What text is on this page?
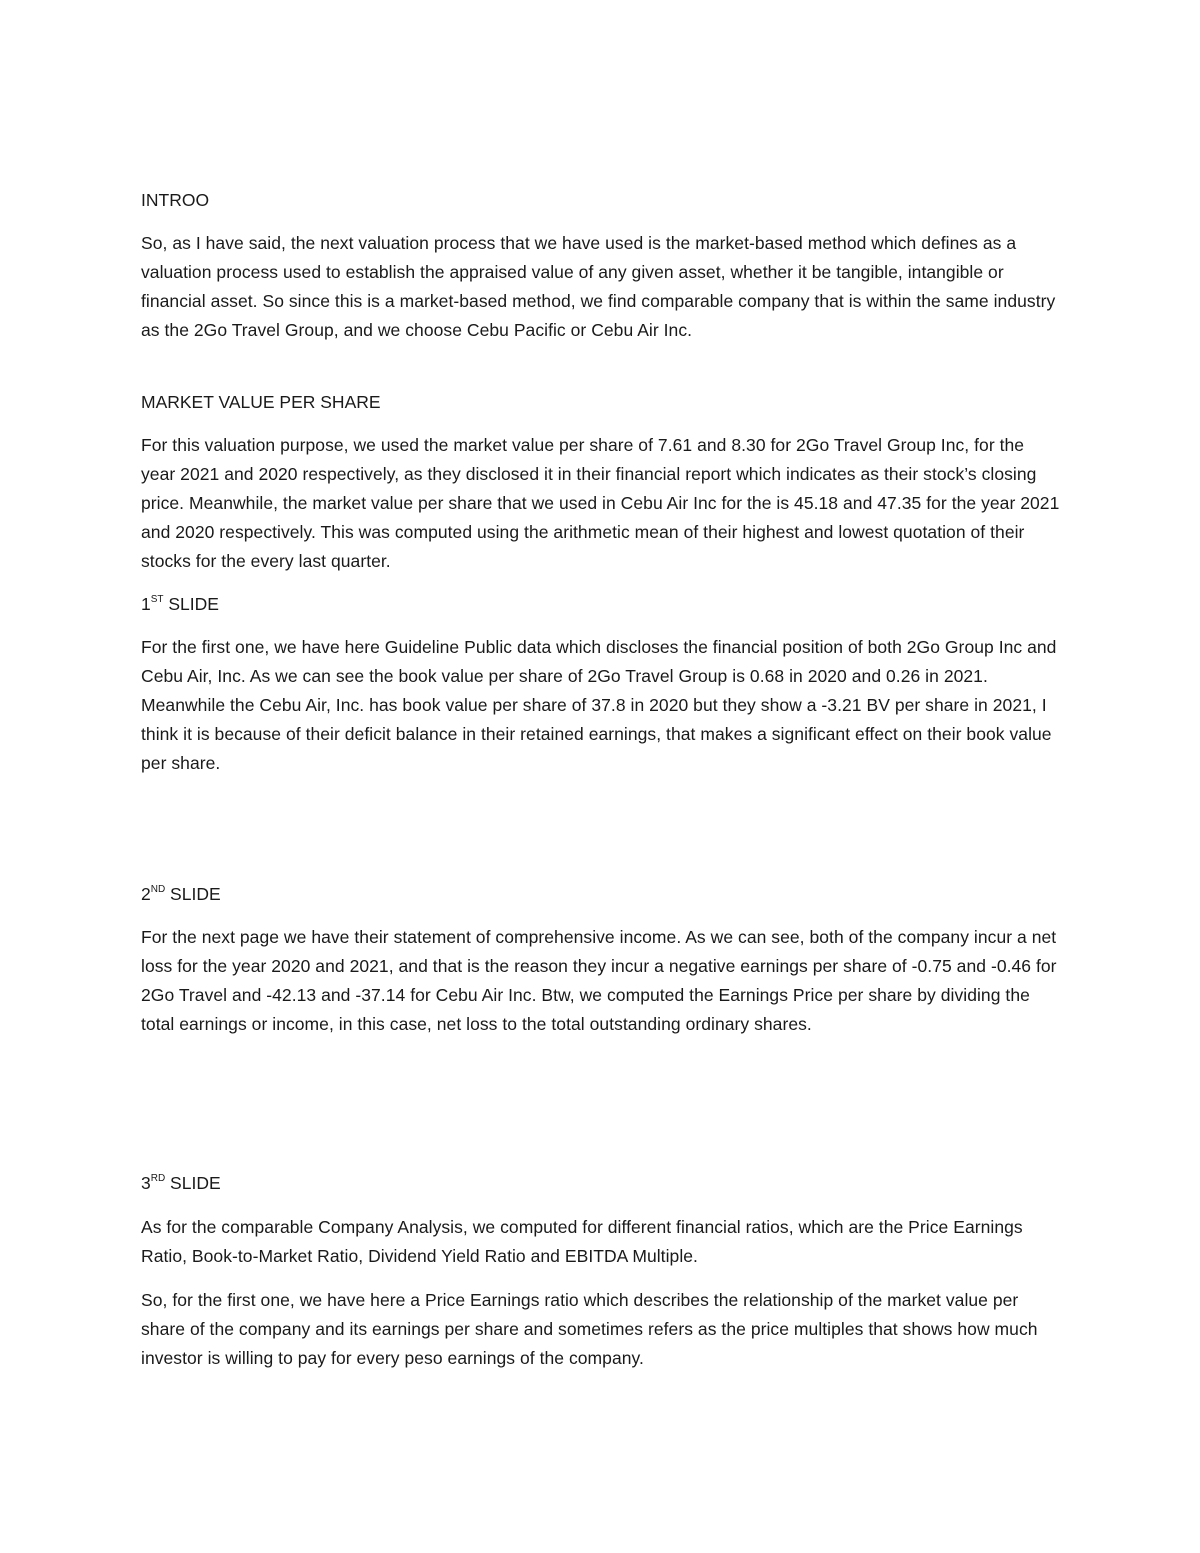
INTROO

So, as I have said, the next valuation process that we have used is the market-based method which defines as a valuation process used to establish the appraised value of any given asset, whether it be tangible, intangible or financial asset. So since this is a market-based method, we find comparable company that is within the same industry as the 2Go Travel Group, and we choose Cebu Pacific or Cebu Air Inc.

MARKET VALUE PER SHARE

For this valuation purpose, we used the market value per share of 7.61 and 8.30 for 2Go Travel Group Inc, for the year 2021 and 2020 respectively, as they disclosed it in their financial report which indicates as their stock’s closing price. Meanwhile, the market value per share that we used in Cebu Air Inc for the is 45.18 and 47.35 for the year 2021 and 2020 respectively. This was computed using the arithmetic mean of their highest and lowest quotation of their stocks for the every last quarter.

1ST SLIDE

For the first one, we have here Guideline Public data which discloses the financial position of both 2Go Group Inc and Cebu Air, Inc. As we can see the book value per share of 2Go Travel Group is 0.68 in 2020 and 0.26 in 2021. Meanwhile the Cebu Air, Inc. has book value per share of 37.8 in 2020 but they show a -3.21 BV per share in 2021, I think it is because of their deficit balance in their retained earnings, that makes a significant effect on their book value per share.

2ND SLIDE

For the next page we have their statement of comprehensive income. As we can see, both of the company incur a net loss for the year 2020 and 2021, and that is the reason they incur a negative earnings per share of -0.75 and -0.46 for 2Go Travel and -42.13 and -37.14 for Cebu Air Inc. Btw, we computed the Earnings Price per share by dividing the total earnings or income, in this case, net loss to the total outstanding ordinary shares.

3RD SLIDE

As for the comparable Company Analysis, we computed for different financial ratios, which are the Price Earnings Ratio, Book-to-Market Ratio, Dividend Yield Ratio and EBITDA Multiple.

So, for the first one, we have here a Price Earnings ratio which describes the relationship of the market value per share of the company and its earnings per share and sometimes refers as the price multiples that shows how much investor is willing to pay for every peso earnings of the company.
